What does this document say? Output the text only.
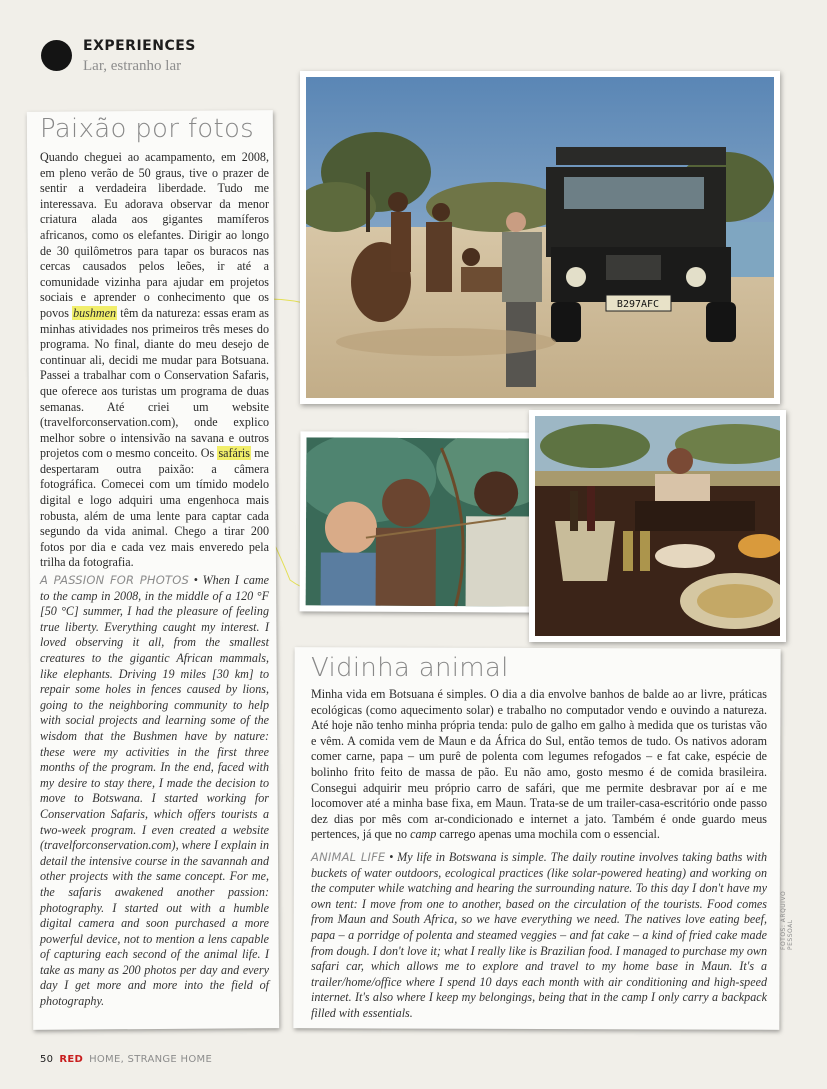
EXPERIENCES
Lar, estranho lar
Paixão por fotos

Quando cheguei ao acampamento, em 2008, em pleno verão de 50 graus, tive o prazer de sentir a verdadeira liberdade. Tudo me interessava. Eu adorava observar da menor criatura alada aos gigantes mamíferos africanos, como os elefantes. Dirigir ao longo de 30 quilômetros para tapar os buracos nas cercas causados pelos leões, ir até a comunidade vizinha para ajudar em projetos sociais e aprender o conhecimento que os povos bushmen têm da natureza: essas eram as minhas atividades nos primeiros três meses do programa. No final, diante do meu desejo de continuar ali, decidi me mudar para Botsuana. Passei a trabalhar com o Conservation Safaris, que oferece aos turistas um programa de duas semanas. Até criei um website (travelforconservation.com), onde explico melhor sobre o intensivão na savana e outros projetos com o mesmo conceito. Os safáris me despertaram outra paixão: a câmera fotográfica. Comecei com um tímido modelo digital e logo adquiri uma engenhoca mais robusta, além de uma lente para captar cada segundo da vida animal. Chego a tirar 200 fotos por dia e cada vez mais enveredo pela trilha da fotografia.

A PASSION FOR PHOTOS • When I came to the camp in 2008, in the middle of a 120 °F [50 °C] summer, I had the pleasure of feeling true liberty. Everything caught my interest. I loved observing it all, from the smallest creatures to the gigantic African mammals, like elephants. Driving 19 miles [30 km] to repair some holes in fences caused by lions, going to the neighboring community to help with social projects and learning some of the wisdom that the Bushmen have by nature: these were my activities in the first three months of the program. In the end, faced with my desire to stay there, I made the decision to move to Botswana. I started working for Conservation Safaris, which offers tourists a two-week program. I even created a website (travelforconservation.com), where I explain in detail the intensive course in the savannah and other projects with the same concept. For me, the safaris awakened another passion: photography. I started out with a humble digital camera and soon purchased a more powerful device, not to mention a lens capable of capturing each second of the animal life. I take as many as 200 photos per day and every day I get more and more into the field of photography.

B297AFC
Vidinha animal

Minha vida em Botsuana é simples. O dia a dia envolve banhos de balde ao ar livre, práticas ecológicas (como aquecimento solar) e trabalho no computador vendo e ouvindo a natureza. Até hoje não tenho minha própria tenda: pulo de galho em galho à medida que os turistas vão e vêm. A comida vem de Maun e da África do Sul, então temos de tudo. Os nativos adoram comer carne, papa – um purê de polenta com legumes refogados – e fat cake, espécie de bolinho frito feito de massa de pão. Eu não amo, gosto mesmo é de comida brasileira. Consegui adquirir meu próprio carro de safári, que me permite desbravar por aí e me locomover até a minha base fixa, em Maun. Trata-se de um trailer-casa-escritório onde passo dez dias por mês com ar-condicionado e internet a jato. Também é onde guardo meus pertences, já que no camp carrego apenas uma mochila com o essencial.

ANIMAL LIFE • My life in Botswana is simple. The daily routine involves taking baths with buckets of water outdoors, ecological practices (like solar-powered heating) and working on the computer while watching and hearing the surrounding nature. To this day I don't have my own tent: I move from one to another, based on the circulation of the tourists. Food comes from Maun and South Africa, so we have everything we need. The natives love eating beef, papa – a porridge of polenta and steamed veggies – and fat cake – a kind of fried cake made from dough. I don't love it; what I really like is Brazilian food. I managed to purchase my own safari car, which allows me to explore and travel to my home base in Maun. It's a trailer/home/office where I spend 10 days each month with air conditioning and high-speed internet. It's also where I keep my belongings, being that in the camp I only carry a backpack filled with essentials.

FOTOS: ARQUIVO PESSOAL
50 RED HOME, STRANGE HOME
